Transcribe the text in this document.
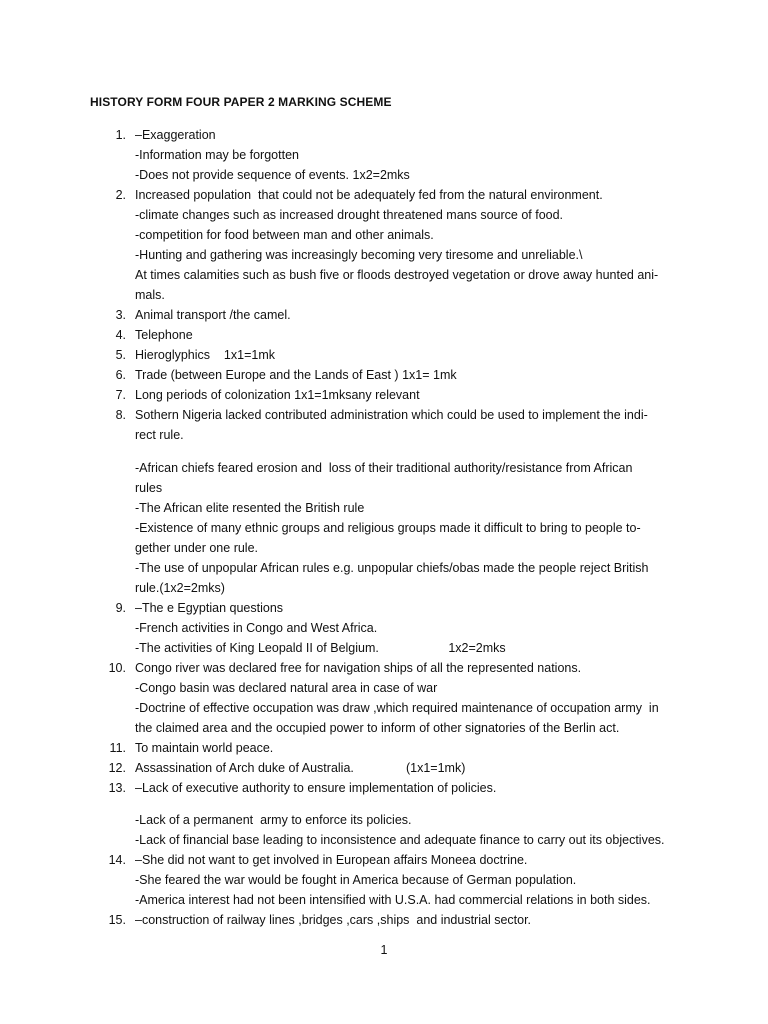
HISTORY FORM FOUR PAPER 2 MARKING SCHEME
1. –Exaggeration
-Information may be forgotten
-Does not provide sequence of events. 1x2=2mks
2. Increased population  that could not be adequately fed from the natural environment.
-climate changes such as increased drought threatened mans source of food.
-competition for food between man and other animals.
-Hunting and gathering was increasingly becoming very tiresome and unreliable.\
At times calamities such as bush five or floods destroyed vegetation or drove away hunted ani-
mals.
3. Animal transport /the camel.
4. Telephone
5. Hieroglyphics    1x1=1mk
6. Trade (between Europe and the Lands of East ) 1x1= 1mk
7. Long periods of colonization 1x1=1mksany relevant
8. Sothern Nigeria lacked contributed administration which could be used to implement the indi-
rect rule.
-African chiefs feared erosion and  loss of their traditional authority/resistance from African
rules
-The African elite resented the British rule
-Existence of many ethnic groups and religious groups made it difficult to bring to people to-
gether under one rule.
-The use of unpopular African rules e.g. unpopular chiefs/obas made the people reject British
rule.(1x2=2mks)
9. –The e Egyptian questions
-French activities in Congo and West Africa.
-The activities of King Leopald II of Belgium.                    1x2=2mks
10. Congo river was declared free for navigation ships of all the represented nations.
-Congo basin was declared natural area in case of war
-Doctrine of effective occupation was draw ,which required maintenance of occupation army  in
the claimed area and the occupied power to inform of other signatories of the Berlin act.
11. To maintain world peace.
12. Assassination of Arch duke of Australia.               (1x1=1mk)
13. –Lack of executive authority to ensure implementation of policies.
-Lack of a permanent  army to enforce its policies.
-Lack of financial base leading to inconsistence and adequate finance to carry out its objectives.
14. –She did not want to get involved in European affairs Moneea doctrine.
-She feared the war would be fought in America because of German population.
-America interest had not been intensified with U.S.A. had commercial relations in both sides.
15. –construction of railway lines ,bridges ,cars ,ships  and industrial sector.
1
